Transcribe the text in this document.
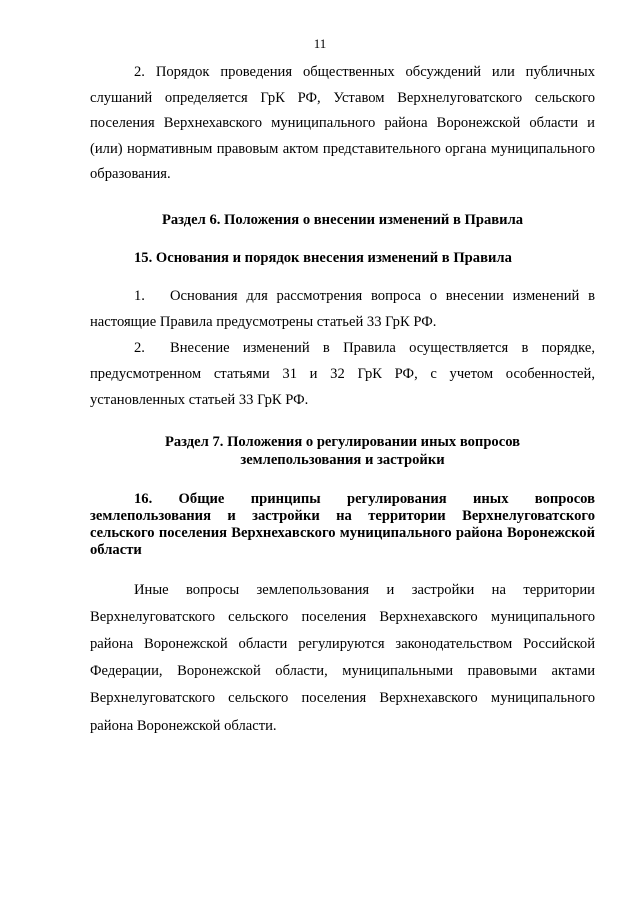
11

2. Порядок проведения общественных обсуждений или публичных слушаний определяется ГрК РФ, Уставом Верхнелуговатского сельского поселения Верхнехавского муниципального района Воронежской области и (или) нормативным правовым актом представительного органа муниципального образования.

Раздел 6. Положения о внесении изменений в Правила

15. Основания и порядок внесения изменений в Правила

1. Основания для рассмотрения вопроса о внесении изменений в настоящие Правила предусмотрены статьей 33 ГрК РФ.

2. Внесение изменений в Правила осуществляется в порядке, предусмотренном статьями 31 и 32 ГрК РФ, с учетом особенностей, установленных статьей 33 ГрК РФ.

Раздел 7. Положения о регулировании иных вопросов

землепользования и застройки

16. Общие принципы регулирования иных вопросов землепользования и застройки на территории Верхнелуговатского сельского поселения Верхнехавского муниципального района Воронежской области

Иные вопросы землепользования и застройки на территории Верхнелуговатского сельского поселения Верхнехавского муниципального района Воронежской области регулируются законодательством Российской Федерации, Воронежской области, муниципальными правовыми актами Верхнелуговатского сельского поселения Верхнехавского муниципального района Воронежской области.
